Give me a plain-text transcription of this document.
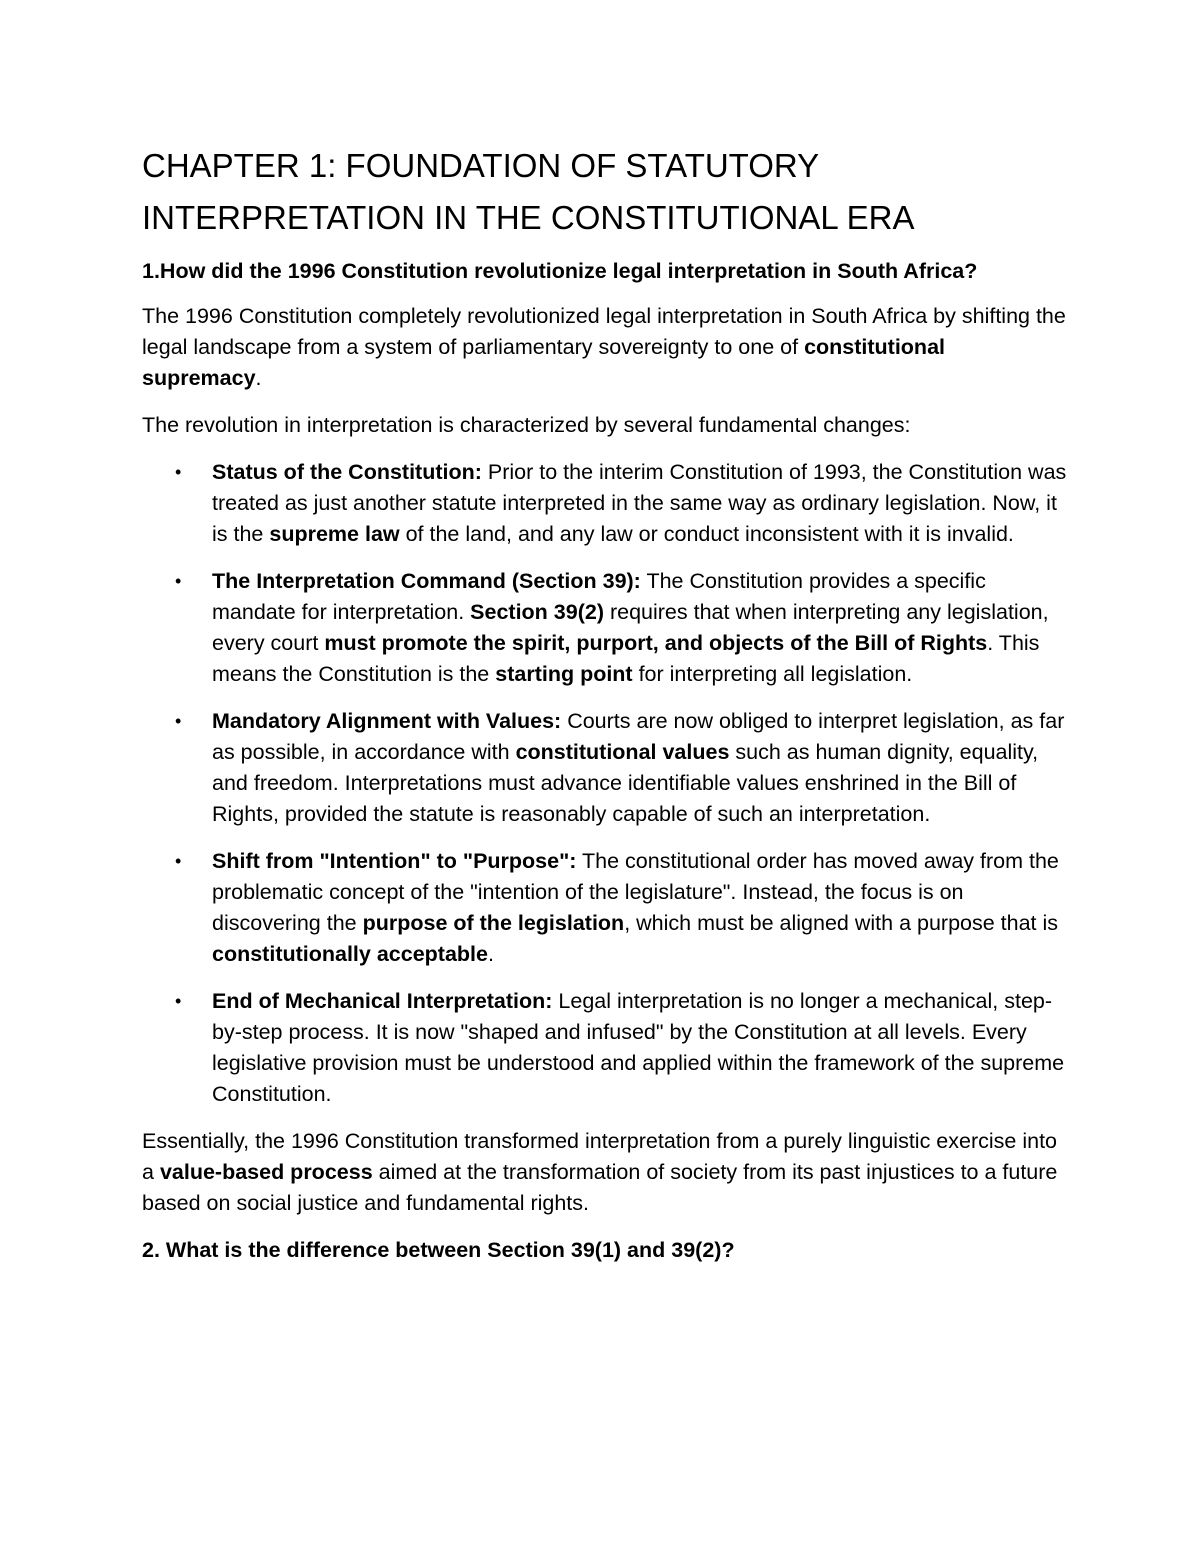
CHAPTER 1: FOUNDATION OF STATUTORY INTERPRETATION IN THE CONSTITUTIONAL ERA
1.How did the 1996 Constitution revolutionize legal interpretation in South Africa?

The 1996 Constitution completely revolutionized legal interpretation in South Africa by shifting the legal landscape from a system of parliamentary sovereignty to one of constitutional supremacy.

The revolution in interpretation is characterized by several fundamental changes:

• Status of the Constitution: Prior to the interim Constitution of 1993, the Constitution was treated as just another statute interpreted in the same way as ordinary legislation. Now, it is the supreme law of the land, and any law or conduct inconsistent with it is invalid.
• The Interpretation Command (Section 39): The Constitution provides a specific mandate for interpretation. Section 39(2) requires that when interpreting any legislation, every court must promote the spirit, purport, and objects of the Bill of Rights. This means the Constitution is the starting point for interpreting all legislation.
• Mandatory Alignment with Values: Courts are now obliged to interpret legislation, as far as possible, in accordance with constitutional values such as human dignity, equality, and freedom. Interpretations must advance identifiable values enshrined in the Bill of Rights, provided the statute is reasonably capable of such an interpretation.
• Shift from "Intention" to "Purpose": The constitutional order has moved away from the problematic concept of the "intention of the legislature". Instead, the focus is on discovering the purpose of the legislation, which must be aligned with a purpose that is constitutionally acceptable.
• End of Mechanical Interpretation: Legal interpretation is no longer a mechanical, step-by-step process. It is now "shaped and infused" by the Constitution at all levels. Every legislative provision must be understood and applied within the framework of the supreme Constitution.

Essentially, the 1996 Constitution transformed interpretation from a purely linguistic exercise into a value-based process aimed at the transformation of society from its past injustices to a future based on social justice and fundamental rights.

2. What is the difference between Section 39(1) and 39(2)?
